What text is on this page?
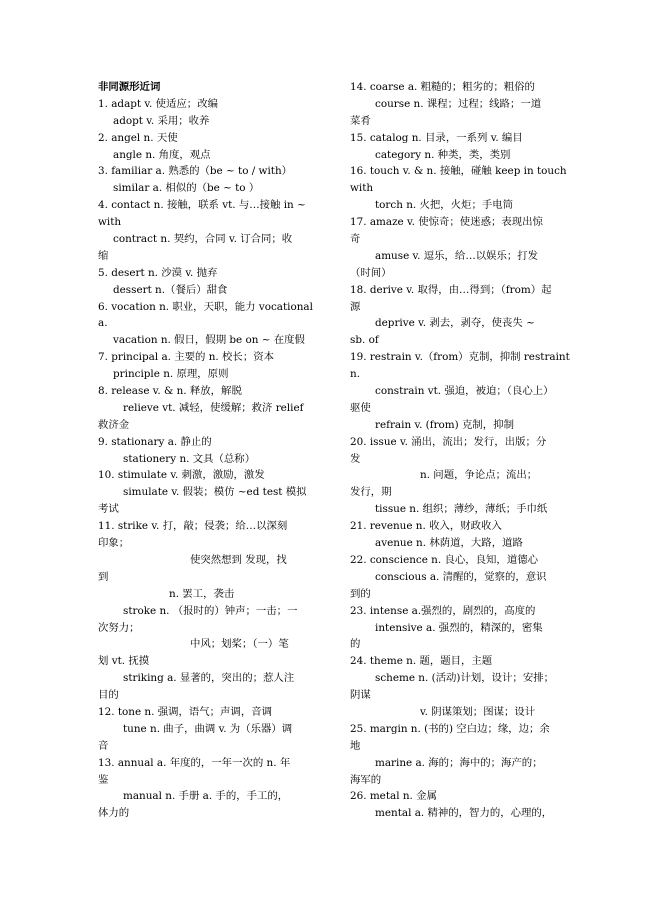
非同源形近词
1. adapt v. 使适应；改编
adopt v. 采用；收养
2. angel n. 天使
angle n. 角度，观点
3. familiar a. 熟悉的（be ~ to / with）
similar a. 相似的（be ~ to ）
4. contact n. 接触，联系 vt. 与…接触 in ~
with
contract n. 契约，合同 v. 订合同；收
缩
5. desert n. 沙漠 v. 抛弃
dessert n.（餐后）甜食
6. vocation n. 职业，天职，能力 vocational
a.
vacation n. 假日，假期 be on ~ 在度假
7. principal a. 主要的 n. 校长；资本
principle n. 原理，原则
8. release v. & n. 释放，解脱
relieve vt. 减轻，使缓解；救济 relief
救济金
9. stationary a. 静止的
stationery n. 文具（总称）
10. stimulate v. 刺激，激励，激发
simulate v. 假装；模仿 ~ed test 模拟
考试
11. strike v. 打，敲；侵袭；给…以深刻
印象；
使突然想到 发现，找
到
n. 罢工，袭击
stroke n. （报时的）钟声；一击；一
次努力；
中风；划桨；（一）笔
划 vt. 抚摸
striking a. 显著的，突出的；惹人注
目的
12. tone n. 强调，语气；声调，音调
tune n. 曲子，曲调 v. 为（乐器）调
音
13. annual a. 年度的，一年一次的 n. 年
鉴
manual n. 手册 a. 手的，手工的，
体力的
14. coarse a. 粗糙的；粗劣的；粗俗的
course n. 课程；过程；线路；一道
菜肴
15. catalog n. 目录，一系列 v. 编目
category n. 种类，类，类别
16. touch v. & n. 接触，碰触 keep in touch
with
torch n. 火把，火炬；手电筒
17. amaze v. 使惊奇；使迷惑；表现出惊
奇
amuse v. 逗乐，给…以娱乐；打发
（时间）
18. derive v. 取得，由…得到；（from）起
源
deprive v. 剥去，剥夺，使丧失 ~
sb. of
19. restrain v.（from）克制，抑制 restraint
n.
constrain vt. 强迫，被迫；（良心上）
驱使
refrain v. (from) 克制，抑制
20. issue v. 涌出，流出；发行，出版；分
发
n. 问题，争论点；流出；
发行，期
tissue n. 组织；薄纱，薄纸；手巾纸
21. revenue n. 收入，财政收入
avenue n. 林荫道，大路，道路
22. conscience n. 良心，良知，道德心
conscious a. 清醒的，觉察的，意识
到的
23. intense a.强烈的，剧烈的，高度的
intensive a. 强烈的，精深的，密集
的
24. theme n. 题，题目，主题
scheme n. (活动)计划，设计；安排；
阴谋
v. 阴谋策划；图谋；设计
25. margin n. (书的) 空白边；缘，边；余
地
marine a. 海的；海中的；海产的；
海军的
26. metal n. 金属
mental a. 精神的，智力的，心理的，
